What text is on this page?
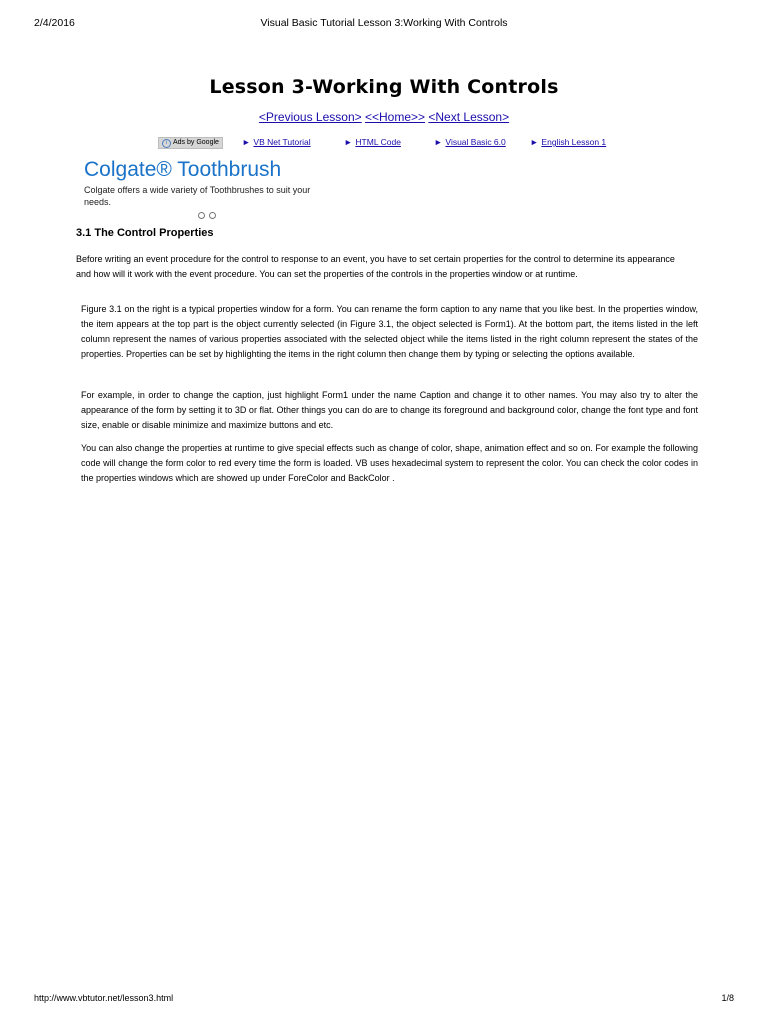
2/4/2016	Visual Basic Tutorial Lesson 3:Working With Controls
Lesson 3-Working With Controls
<Previous Lesson> <<Home>> <Next Lesson>
i Ads by Google	► VB Net Tutorial	► HTML Code	► Visual Basic 6.0	► English Lesson 1
Colgate® Toothbrush
Colgate offers a wide variety of Toothbrushes to suit your needs.
3.1 The Control Properties
Before writing an event procedure for the control to response to an event, you have to set certain properties for the control to determine its appearance and how will it work with the event procedure. You can set the properties of the controls in the properties window or at runtime.
Figure 3.1 on the right is a typical properties window for a form. You can rename the form caption to any name that you like best. In the properties window, the item appears at the top part is the object currently selected (in Figure 3.1, the object selected is Form1). At the bottom part, the items listed in the left column represent the names of various properties associated with the selected object while the items listed in the right column represent the states of the properties. Properties can be set by highlighting the items in the right column then change them by typing or selecting the options available.
For example, in order to change the caption, just highlight Form1 under the name Caption and change it to other names. You may also try to alter the appearance of the form by setting it to 3D or flat. Other things you can do are to change its foreground and background color, change the font type and font size, enable or disable minimize and maximize buttons and etc.
You can also change the properties at runtime to give special effects such as change of color, shape, animation effect and so on. For example the following code will change the form color to red every time the form is loaded. VB uses hexadecimal system to represent the color. You can check the color codes in the properties windows which are showed up under ForeColor and BackColor .
http://www.vbtutor.net/lesson3.html	1/8
